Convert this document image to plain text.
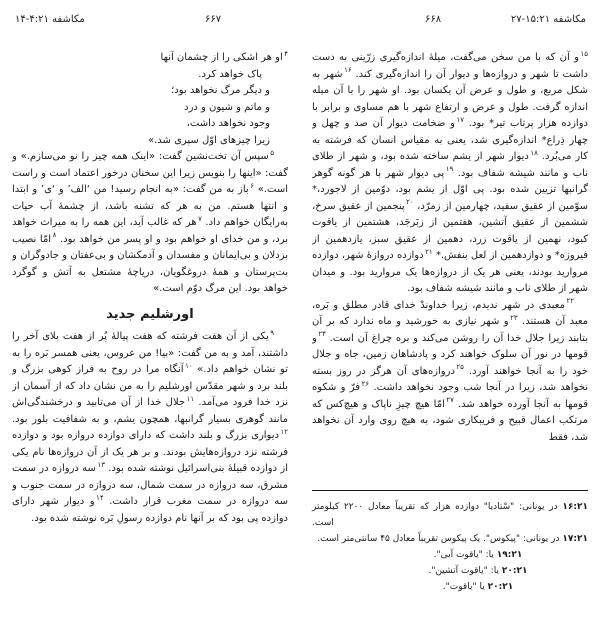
مکاشفه ۲۱‏:‏۴‏-‏۱۴	۶۶۷	۶۶۸	مکاشفه ۲۱‏:‏۱۵‏-‏۲۷
$^۴$او هر اشکی را از چشمان آنها
پاک خواهد کرد.
و دیگر مرگ نخواهد بود؛
و ماتم و شیون و درد
وجود نخواهد داشت،
زیرا چیزهای اوّل سپری شد.»

$^۵$سپس آن تخت‌نشین گفت: «اینک همه چیز را نو می‌سازم.» و گفت: «اینها را بنویس زیرا این سخنان درخور اعتماد است و راست است.» $^۶$باز به من گفت: «به انجام رسید! من ‘الف’ و ‘ی’ و ابتدا و انتها هستم. من به هر که تشنه باشد، از چشمهٔ آب حیات به‌رایگان خواهم داد. $^۷$هر که غالب آید، این همه را به میراث خواهد برد، و من خدای او خواهم بود و او پسر من خواهد بود. $^۸$امّا نصیب بزدلان و بی‌ایمانان و مفسدان و آدمکشان و بی‌عفتان و جادوگران و بت‌پرستان و همهٔ دروغگویان، دریاچهٔ مشتعل به آتش و گوگرد خواهد بود. این مرگ دوّم است.»

اورشلیم جدید

$^۹$یکی از آن هفت فرشته که هفت پیالهٔ پُر از هفت بلای آخر را داشتند، آمد و به من گفت: «بیا! من عروس، یعنی همسر بَره را به تو نشان خواهم داد.» $^{۱۰}$آنگاه مرا در روح به فراز کوهی بزرگ و بلند برد و شهر مقدّس اورشلیم را به من نشان داد که از آسمان از نزد خدا فرود می‌آمد. $^{۱۱}$جلال خدا از آن می‌تابید و درخشندگی‌اش مانند گوهری بسیار گرانبها، همچون یشم، و به شفافیت بلور بود. $^{۱۲}$دیواری بزرگ و بلند داشت که دارای دوازده دروازه بود و دوازده فرشته نزد دروازه‌هایش بودند. و بر هر یک از آن دروازه‌ها نام یکی از دوازده قبیلهٔ بنی‌اسرائیل نوشته شده بود. $^{۱۳}$سه دروازه در سمت مشرق، سه دروازه در سمت شمال، سه دروازه در سمت جنوب و سه دروازه در سمت مغرب قرار داشت. $^{۱۴}$و دیوار شهر دارای دوازده پی بود که بر آنها نام دوازده رسولِ بَره نوشته شده بود.

$^{۱۵}$و آن که با من سخن می‌گفت، میلهٔ اندازه‌گیری زرّینی به دست داشت تا شهر و دروازه‌ها و دیوار آن را اندازه‌گیری کند. $^{۱۶}$شهر به شکل مربع، و طول و عرض آن یکسان بود. او شهر را با آن میله اندازه گرفت. طول و عرض و ارتفاع شهر با هم مساوی و برابر با دوازده هزار پرتاب تیر* بود. $^{۱۷}$و ضخامت دیوار آن صد و چهل و چهار ذِراع* اندازه‌گیری شد، یعنی به مقیاس انسان که فرشته به کار می‌بُرد. $^{۱۸}$دیوار شهر از یشم ساخته شده بود، و شهر از طلای ناب و مانند شیشه شفاف بود. $^{۱۹}$پی دیوار شهر با هر گونه گوهر گرانبها تزیین شده بود. پی اوّل از یشم بود، دوّمین از لاجورد،* سوّمین از عقیق سفید، چهارمین از زمرّد، $^{۲۰}$پنجمین از عقیق سرخ، ششمین از عقیق آتشین، هفتمین از زبَرجَد، هشتمین از یاقوت کبود، نهمین از یاقوت زرد، دهمین از عقیق سبز، یازدهمین از فیروزه* و دوازدهمین از لعل بنفش.* $^{۲۱}$دوازده دروازهٔ شهر، دوازده مروارید بودند، یعنی هر یک از دروازه‌ها یک مروارید بود. و میدان شهر از طلای ناب و مانند شیشه شفاف بود.

$^{۲۲}$معبدی در شهر ندیدم، زیرا خداوندْ خدای قادر مطلق و بَره، معبد آن هستند. $^{۲۳}$و شهر نیازی به خورشید و ماه ندارد که بر آن بتابند زیرا جلال خدا آن را روشن می‌کند و بره چراغ آن است. $^{۲۴}$و قومها در نور آن سلوک خواهند کرد و پادشاهان زمین، جاه و جلال خود را به آنجا خواهند آورد. $^{۲۵}$دروازه‌های آن هرگز در روز بسته نخواهد شد، زیرا در آنجا شب وجود نخواهد داشت. $^{۲۶}$فرّ و شکوه قومها به آنجا آورده خواهد شد. $^{۲۷}$امّا هیچ چیزِ ناپاک و هیچ‌کس که مرتکب اعمال قبیح و فریبکاری شود، به هیچ روی وارد آن نخواهد شد، فقط

۲۱‏:‏۱۶ در یونانی: "سْتادیا" دوازده هزار که تقریباً معادل ۲۲۰۰ کیلومتر
است.
۲۱‏:‏۱۷ در یونانی: "پیکوس". یک پیکوس تقریباً معادل ۴۵ سانتی‌متر است.
۲۱‏:‏۱۹ یا: "یاقوت آبی".
۲۱‏:‏۲۰ یا: "یاقوت آتشین".
۲۱‏:‏۲۰ یا "یاقوت".
